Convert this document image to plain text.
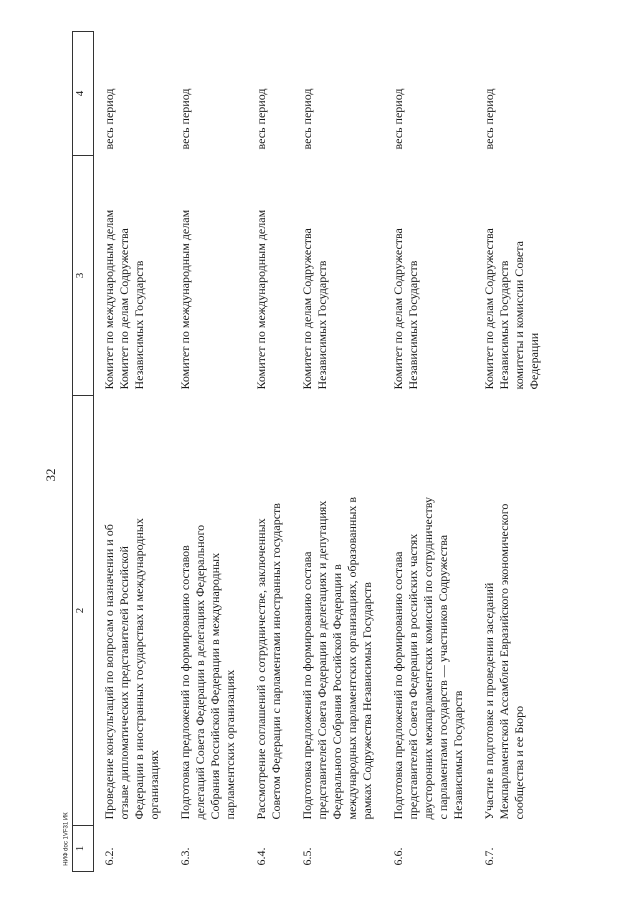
32
1	2	3	4
6.2.	Проведение консультаций по вопросам о назначении и об отзыве дипломатических представителей Российской Федерации в иностранных государствах и международных организациях	Комитет по международным делам Комитет по делам Содружества Независимых Государств	весь период
6.3.	Подготовка предложений по формированию составов делегаций Совета Федерации в делегациях Федерального Собрания Российской Федерации в международных парламентских организациях	Комитет по международным делам	весь период
6.4.	Рассмотрение соглашений о сотрудничестве, заключенных Советом Федерации с парламентами иностранных государств	Комитет по международным делам	весь период
6.5.	Подготовка предложений по формированию состава представителей Совета Федерации в делегациях и депутациях Федерального Собрания Российской Федерации в международных парламентских организациях, образованных в рамках Содружества Независимых Государств	Комитет по делам Содружества Независимых Государств	весь период
6.6.	Подготовка предложений по формированию состава представителей Совета Федерации в российских частях двусторонних межпарламентских комиссий по сотрудничеству с парламентами государств — участников Содружества Независимых Государств	Комитет по делам Содружества Независимых Государств	весь период
6.7.	Участие в подготовке и проведении заседаний Межпарламентской Ассамблеи Евразийского экономического сообщества и ее Бюро	Комитет по делам Содружества Независимых Государств комитеты и комиссии Совета Федерации	весь период
НИФ doc 1VF31 ИК
